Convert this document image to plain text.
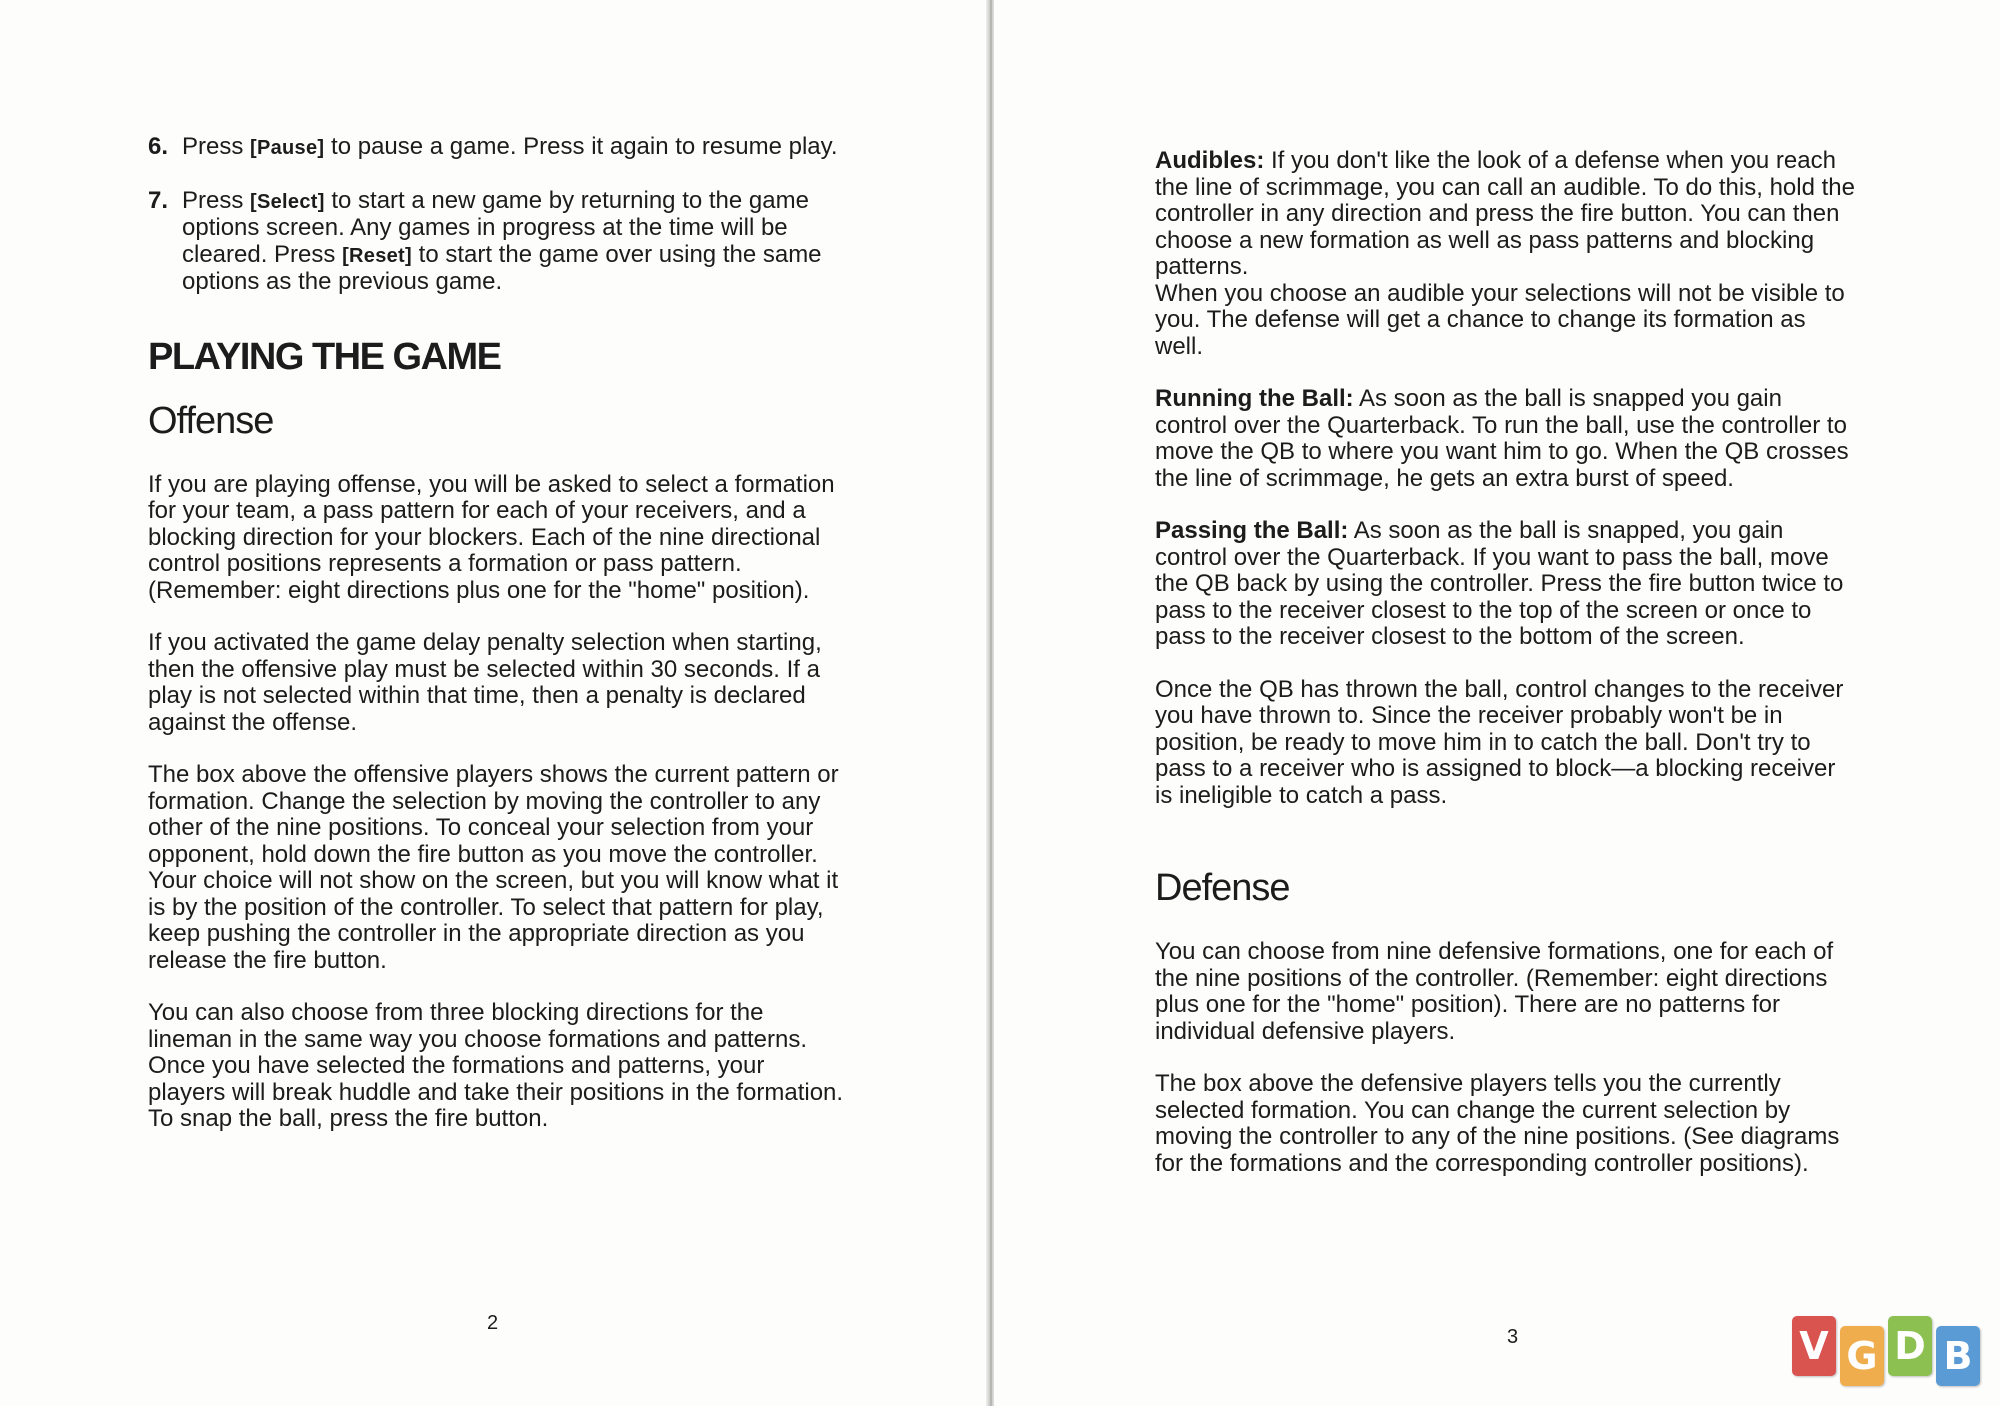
6. Press [Pause] to pause a game. Press it again to resume play.
7. Press [Select] to start a new game by returning to the game options screen. Any games in progress at the time will be cleared. Press [Reset] to start the game over using the same options as the previous game.
PLAYING THE GAME
Offense

If you are playing offense, you will be asked to select a formation for your team, a pass pattern for each of your receivers, and a blocking direction for your blockers. Each of the nine directional control positions represents a formation or pass pattern. (Remember: eight directions plus one for the "home" position).

If you activated the game delay penalty selection when starting, then the offensive play must be selected within 30 seconds. If a play is not selected within that time, then a penalty is declared against the offense.

The box above the offensive players shows the current pattern or formation. Change the selection by moving the controller to any other of the nine positions. To conceal your selection from your opponent, hold down the fire button as you move the controller. Your choice will not show on the screen, but you will know what it is by the position of the controller. To select that pattern for play, keep pushing the controller in the appropriate direction as you release the fire button.

You can also choose from three blocking directions for the lineman in the same way you choose formations and patterns. Once you have selected the formations and patterns, your players will break huddle and take their positions in the formation. To snap the ball, press the fire button.

2

Audibles: If you don't like the look of a defense when you reach the line of scrimmage, you can call an audible. To do this, hold the controller in any direction and press the fire button. You can then choose a new formation as well as pass patterns and blocking patterns.
When you choose an audible your selections will not be visible to you. The defense will get a chance to change its formation as well.

Running the Ball: As soon as the ball is snapped you gain control over the Quarterback. To run the ball, use the controller to move the QB to where you want him to go. When the QB crosses the line of scrimmage, he gets an extra burst of speed.

Passing the Ball: As soon as the ball is snapped, you gain control over the Quarterback. If you want to pass the ball, move the QB back by using the controller. Press the fire button twice to pass to the receiver closest to the top of the screen or once to pass to the receiver closest to the bottom of the screen.

Once the QB has thrown the ball, control changes to the receiver you have thrown to. Since the receiver probably won't be in position, be ready to move him in to catch the ball. Don't try to pass to a receiver who is assigned to block—a blocking receiver is ineligible to catch a pass.

Defense

You can choose from nine defensive formations, one for each of the nine positions of the controller. (Remember: eight directions plus one for the "home" position). There are no patterns for individual defensive players.

The box above the defensive players tells you the currently selected formation. You can change the current selection by moving the controller to any of the nine positions. (See diagrams for the formations and the corresponding controller positions).

3	V G D B
